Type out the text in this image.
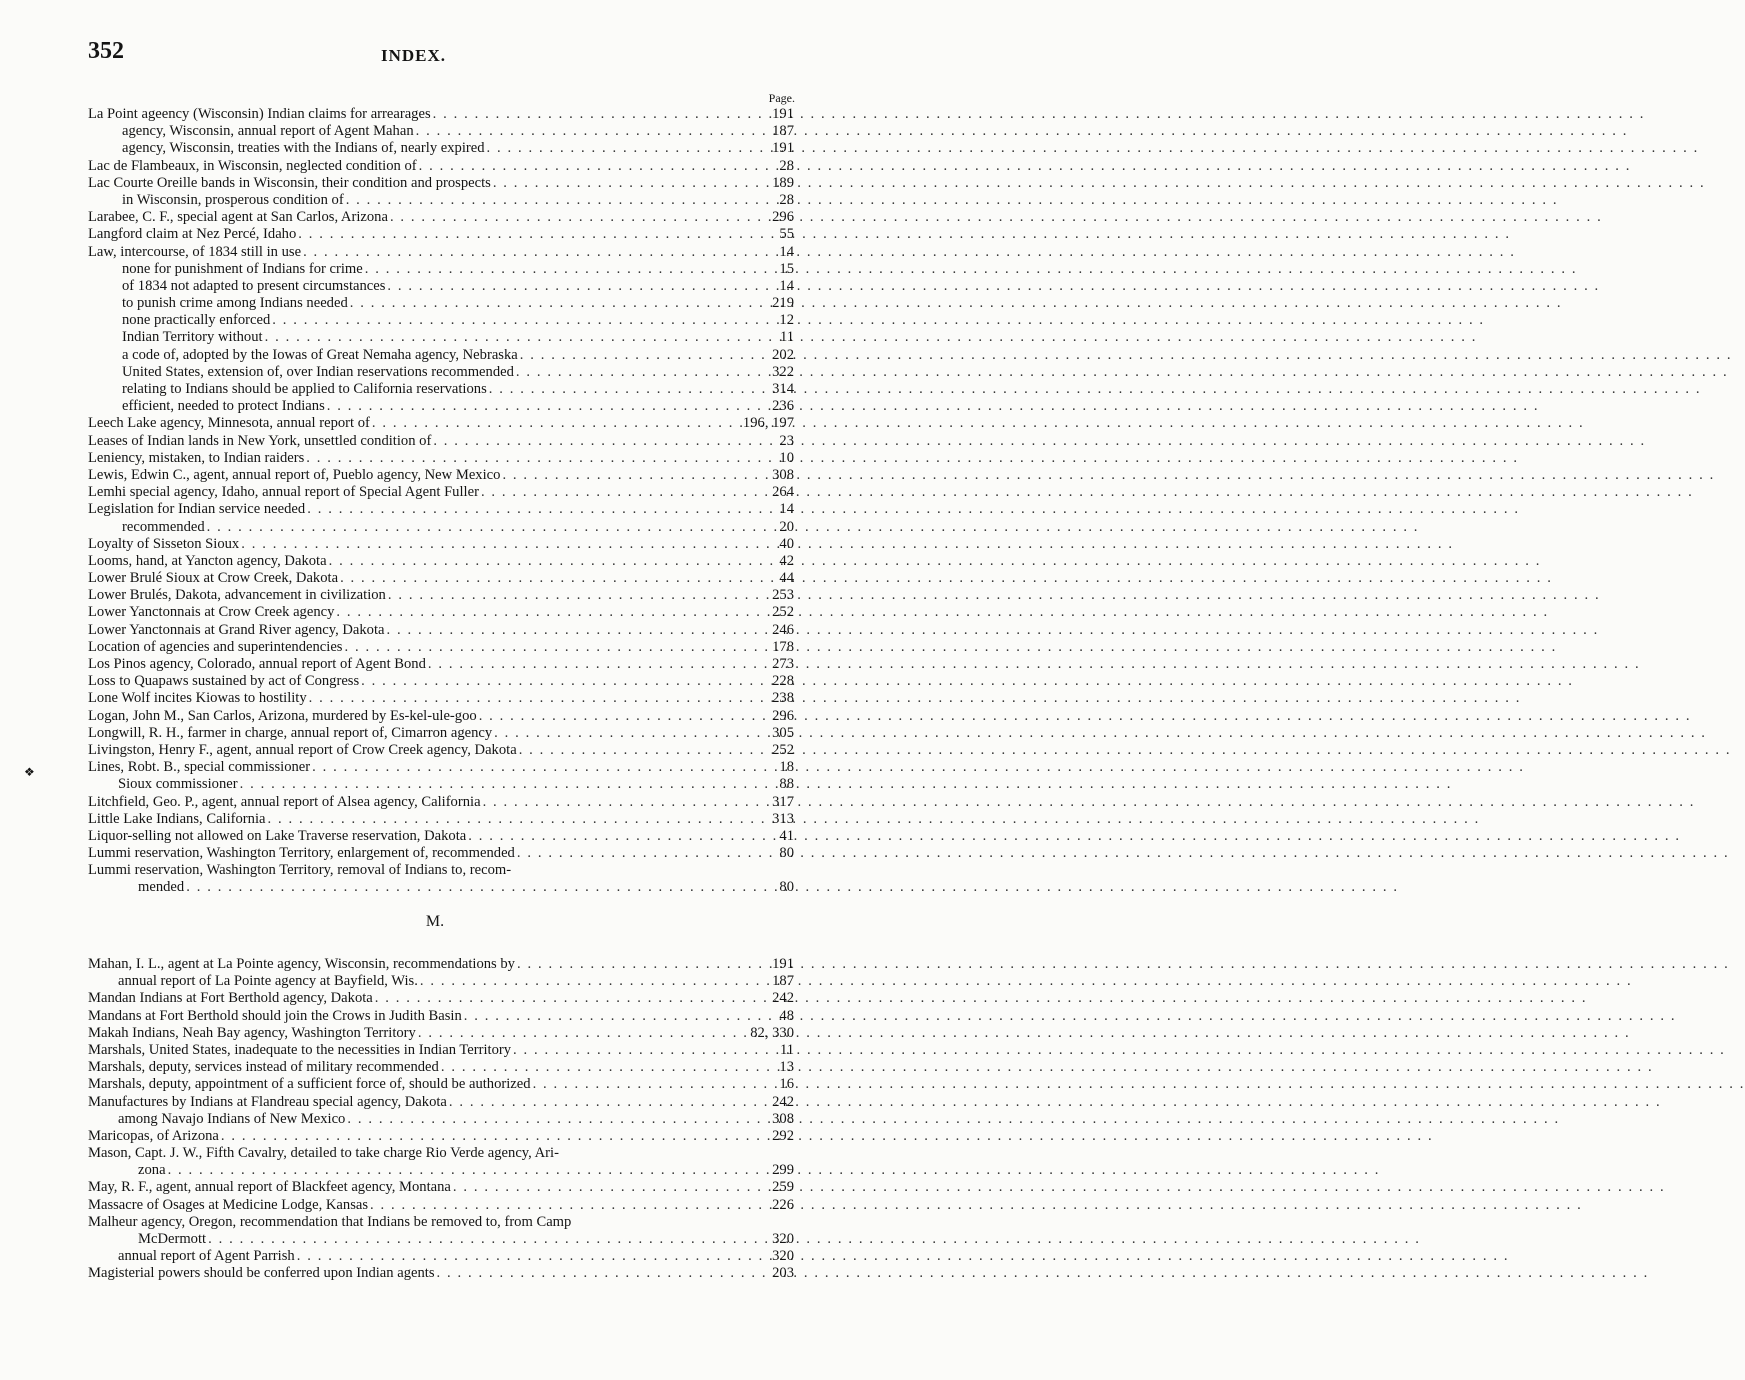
352	INDEX.
Page.
❖
La Point ageency (Wisconsin) Indian claims for arrearages . . .	191
agency, Wisconsin, annual report of Agent Mahan . . .	187
agency, Wisconsin, treaties with the Indians of, nearly expired . . .	191
Lac de Flambeaux, in Wisconsin, neglected condition of . . .	28
Lac Courte Oreille bands in Wisconsin, their condition and prospects . . .	189
in Wisconsin, prosperous condition of . . .	28
Larabee, C. F., special agent at San Carlos, Arizona . . .	296
Langford claim at Nez Percé, Idaho . . .	55
Law, intercourse, of 1834 still in use . . .	14
none for punishment of Indians for crime . . .	15
of 1834 not adapted to present circumstances . . .	14
to punish crime among Indians needed . . .	219
none practically enforced . . .	12
Indian Territory without . . .	11
a code of, adopted by the Iowas of Great Nemaha agency, Nebraska . . .	202
United States, extension of, over Indian reservations recommended . . .	322
relating to Indians should be applied to California reservations . . .	314
efficient, needed to protect Indians . . .	236
Leech Lake agency, Minnesota, annual report of . . .	196, 197
Leases of Indian lands in New York, unsettled condition of . . .	23
Leniency, mistaken, to Indian raiders . . .	10
Lewis, Edwin C., agent, annual report of, Pueblo agency, New Mexico . . .	308
Lemhi special agency, Idaho, annual report of Special Agent Fuller . . .	264
Legislation for Indian service needed . . .	14
recommended . . .	20
Loyalty of Sisseton Sioux . . .	40
Looms, hand, at Yancton agency, Dakota . . .	42
Lower Brulé Sioux at Crow Creek, Dakota . . .	44
Lower Brulés, Dakota, advancement in civilization . . .	253
Lower Yanctonnais at Crow Creek agency . . .	252
Lower Yanctonnais at Grand River agency, Dakota . . .	246
Location of agencies and superintendencies . . .	178
Los Pinos agency, Colorado, annual report of Agent Bond . . .	273
Loss to Quapaws sustained by act of Congress . . .	228
Lone Wolf incites Kiowas to hostility . . .	238
Logan, John M., San Carlos, Arizona, murdered by Es-kel-ule-goo . . .	296
Longwill, R. H., farmer in charge, annual report of, Cimarron agency . . .	305
Livingston, Henry F., agent, annual report of Crow Creek agency, Dakota . . .	252
Lines, Robt. B., special commissioner . . .	18
Sioux commissioner . . .	88
Litchfield, Geo. P., agent, annual report of Alsea agency, California . . .	317
Little Lake Indians, California . . .	313
Liquor-selling not allowed on Lake Traverse reservation, Dakota . . .	41
Lummi reservation, Washington Territory, enlargement of, recommended . . .	80
Lummi reservation, Washington Territory, removal of Indians to, recom-
mended . . .	80
M.
Mahan, I. L., agent at La Pointe agency, Wisconsin, recommendations by . . .	191
annual report of La Pointe agency at Bayfield, Wis. . . .	187
Mandan Indians at Fort Berthold agency, Dakota . . .	242
Mandans at Fort Berthold should join the Crows in Judith Basin . . .	48
Makah Indians, Neah Bay agency, Washington Territory . . .	82, 330
Marshals, United States, inadequate to the necessities in Indian Territory . . .	11
Marshals, deputy, services instead of military recommended . . .	13
Marshals, deputy, appointment of a sufficient force of, should be authorized . . .	16
Manufactures by Indians at Flandreau special agency, Dakota . . .	242
among Navajo Indians of New Mexico . . .	308
Maricopas, of Arizona . . .	292
Mason, Capt. J. W., Fifth Cavalry, detailed to take charge Rio Verde agency, Ari-
zona . . .	299
May, R. F., agent, annual report of Blackfeet agency, Montana . . .	259
Massacre of Osages at Medicine Lodge, Kansas . . .	226
Malheur agency, Oregon, recommendation that Indians be removed to, from Camp
McDermott . . .	320
annual report of Agent Parrish . . .	320
Magisterial powers should be conferred upon Indian agents . . .	203
